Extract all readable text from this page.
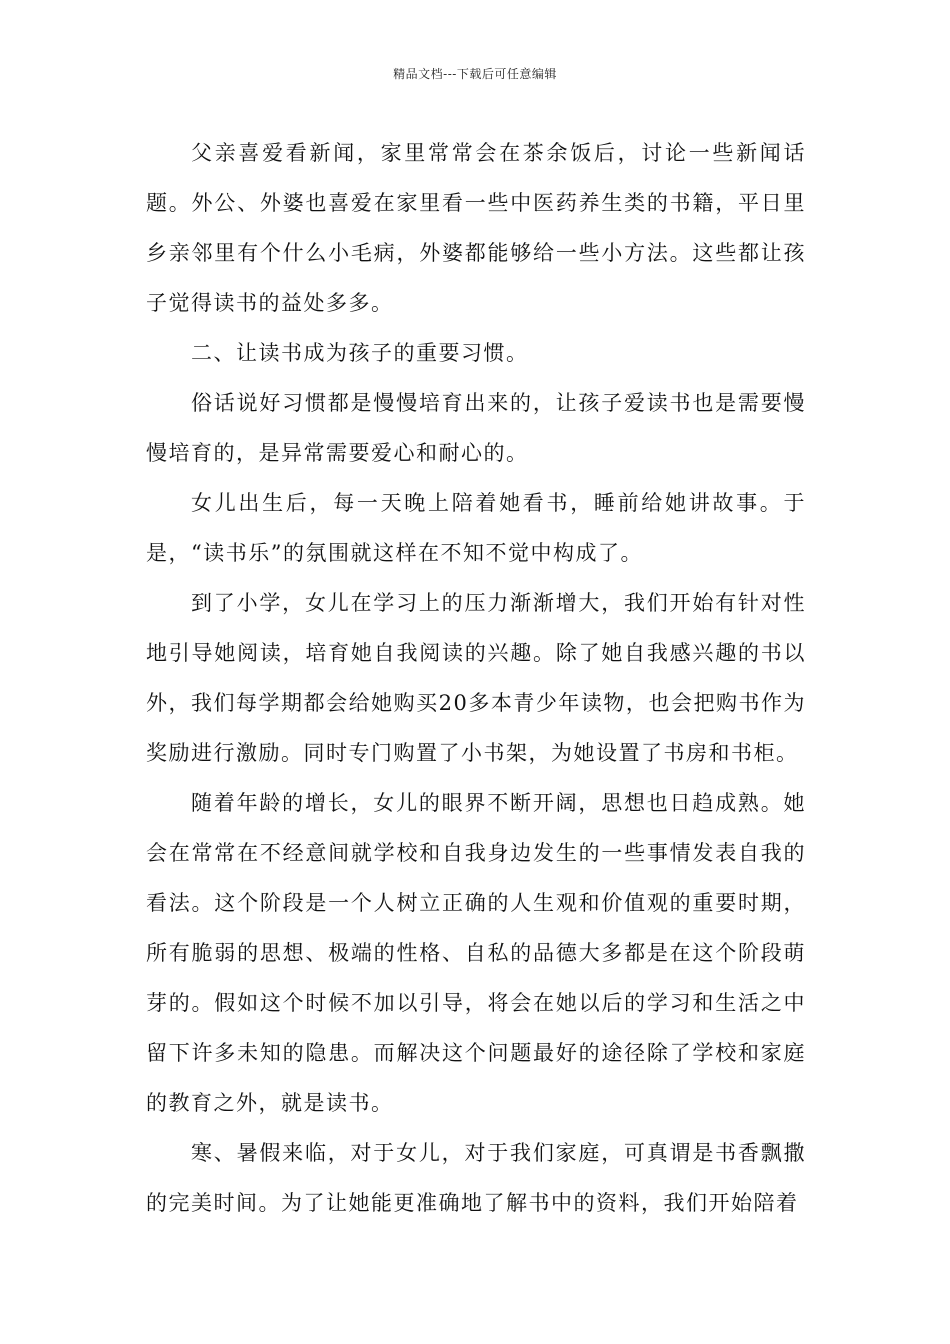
精品文档---下载后可任意编辑

父亲喜爱看新闻，家里常常会在茶余饭后，讨论一些新闻话题。外公、外婆也喜爱在家里看一些中医药养生类的书籍，平日里乡亲邻里有个什么小毛病，外婆都能够给一些小方法。这些都让孩子觉得读书的益处多多。

二、让读书成为孩子的重要习惯。

俗话说好习惯都是慢慢培育出来的，让孩子爱读书也是需要慢慢培育的，是异常需要爱心和耐心的。

女儿出生后，每一天晚上陪着她看书，睡前给她讲故事。于是，“读书乐”的氛围就这样在不知不觉中构成了。

到了小学，女儿在学习上的压力渐渐增大，我们开始有针对性地引导她阅读，培育她自我阅读的兴趣。除了她自我感兴趣的书以外，我们每学期都会给她购买20多本青少年读物，也会把购书作为奖励进行激励。同时专门购置了小书架，为她设置了书房和书柜。

随着年龄的增长，女儿的眼界不断开阔，思想也日趋成熟。她会在常常在不经意间就学校和自我身边发生的一些事情发表自我的看法。这个阶段是一个人树立正确的人生观和价值观的重要时期，所有脆弱的思想、极端的性格、自私的品德大多都是在这个阶段萌芽的。假如这个时候不加以引导，将会在她以后的学习和生活之中留下许多未知的隐患。而解决这个问题最好的途径除了学校和家庭的教育之外，就是读书。

寒、暑假来临，对于女儿，对于我们家庭，可真谓是书香飘撒的完美时间。为了让她能更准确地了解书中的资料，我们开始陪着
